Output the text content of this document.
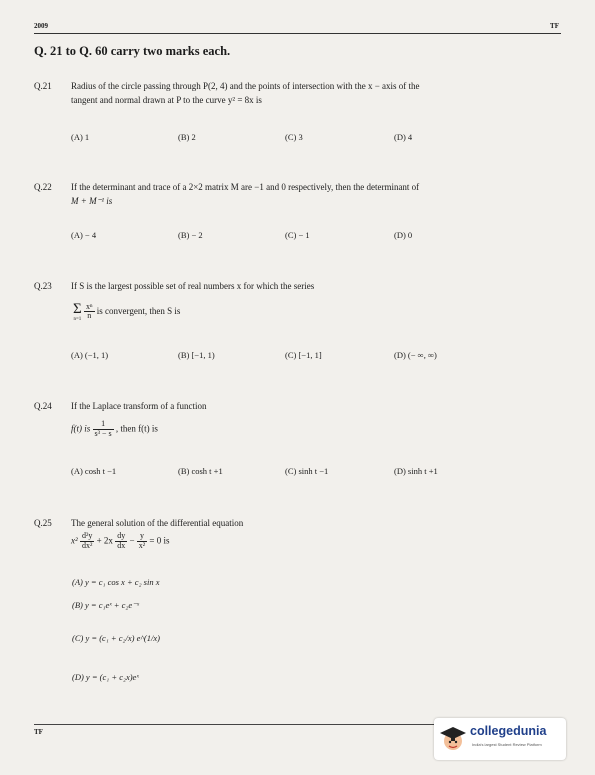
2009	TF
Q. 21 to Q. 60 carry two marks each.
Q.21 Radius of the circle passing through P(2, 4) and the points of intersection with the x − axis of the
tangent and normal drawn at P to the curve y² = 8x is
(A) 1	(B) 2	(C) 3	(D) 4
Q.22 If the determinant and trace of a 2×2 matrix M are −1 and 0 respectively, then the determinant of
M + M⁻¹ is
(A) − 4	(B) − 2	(C) − 1	(D) 0
Q.23 If S is the largest possible set of real numbers x for which the series
Σ
n=1
$\frac{\text{xⁿ}}{n}$ is convergent, then S is
(A) (−1, 1)	(B) [−1, 1)	(C) [−1, 1]	(D) (− ∞, ∞)
Q.24 If the Laplace transform of a function
f(t) is $\frac{1}{\text{s³ − s}}$ , then f(t) is
(A) cosh t −1	(B) cosh t +1	(C) sinh t −1	(D) sinh t +1
Q.25 The general solution of the differential equation
$x^2 \frac{\text{d²y}}{\text{dx²}} + 2x \frac{dy}{dx} - \frac{y}{\text{x²}} = 0$ is
(A) y = c₁ cos x + c₂ sin x
(B) y = c₁eˣ + c₂e⁻ˣ
(C) y = (c₁ + c₂/x) e^(1/x)
(D) y = (c₁ + c₂x)eˣ
TF	collegedunia
India's largest Student Review Platform
